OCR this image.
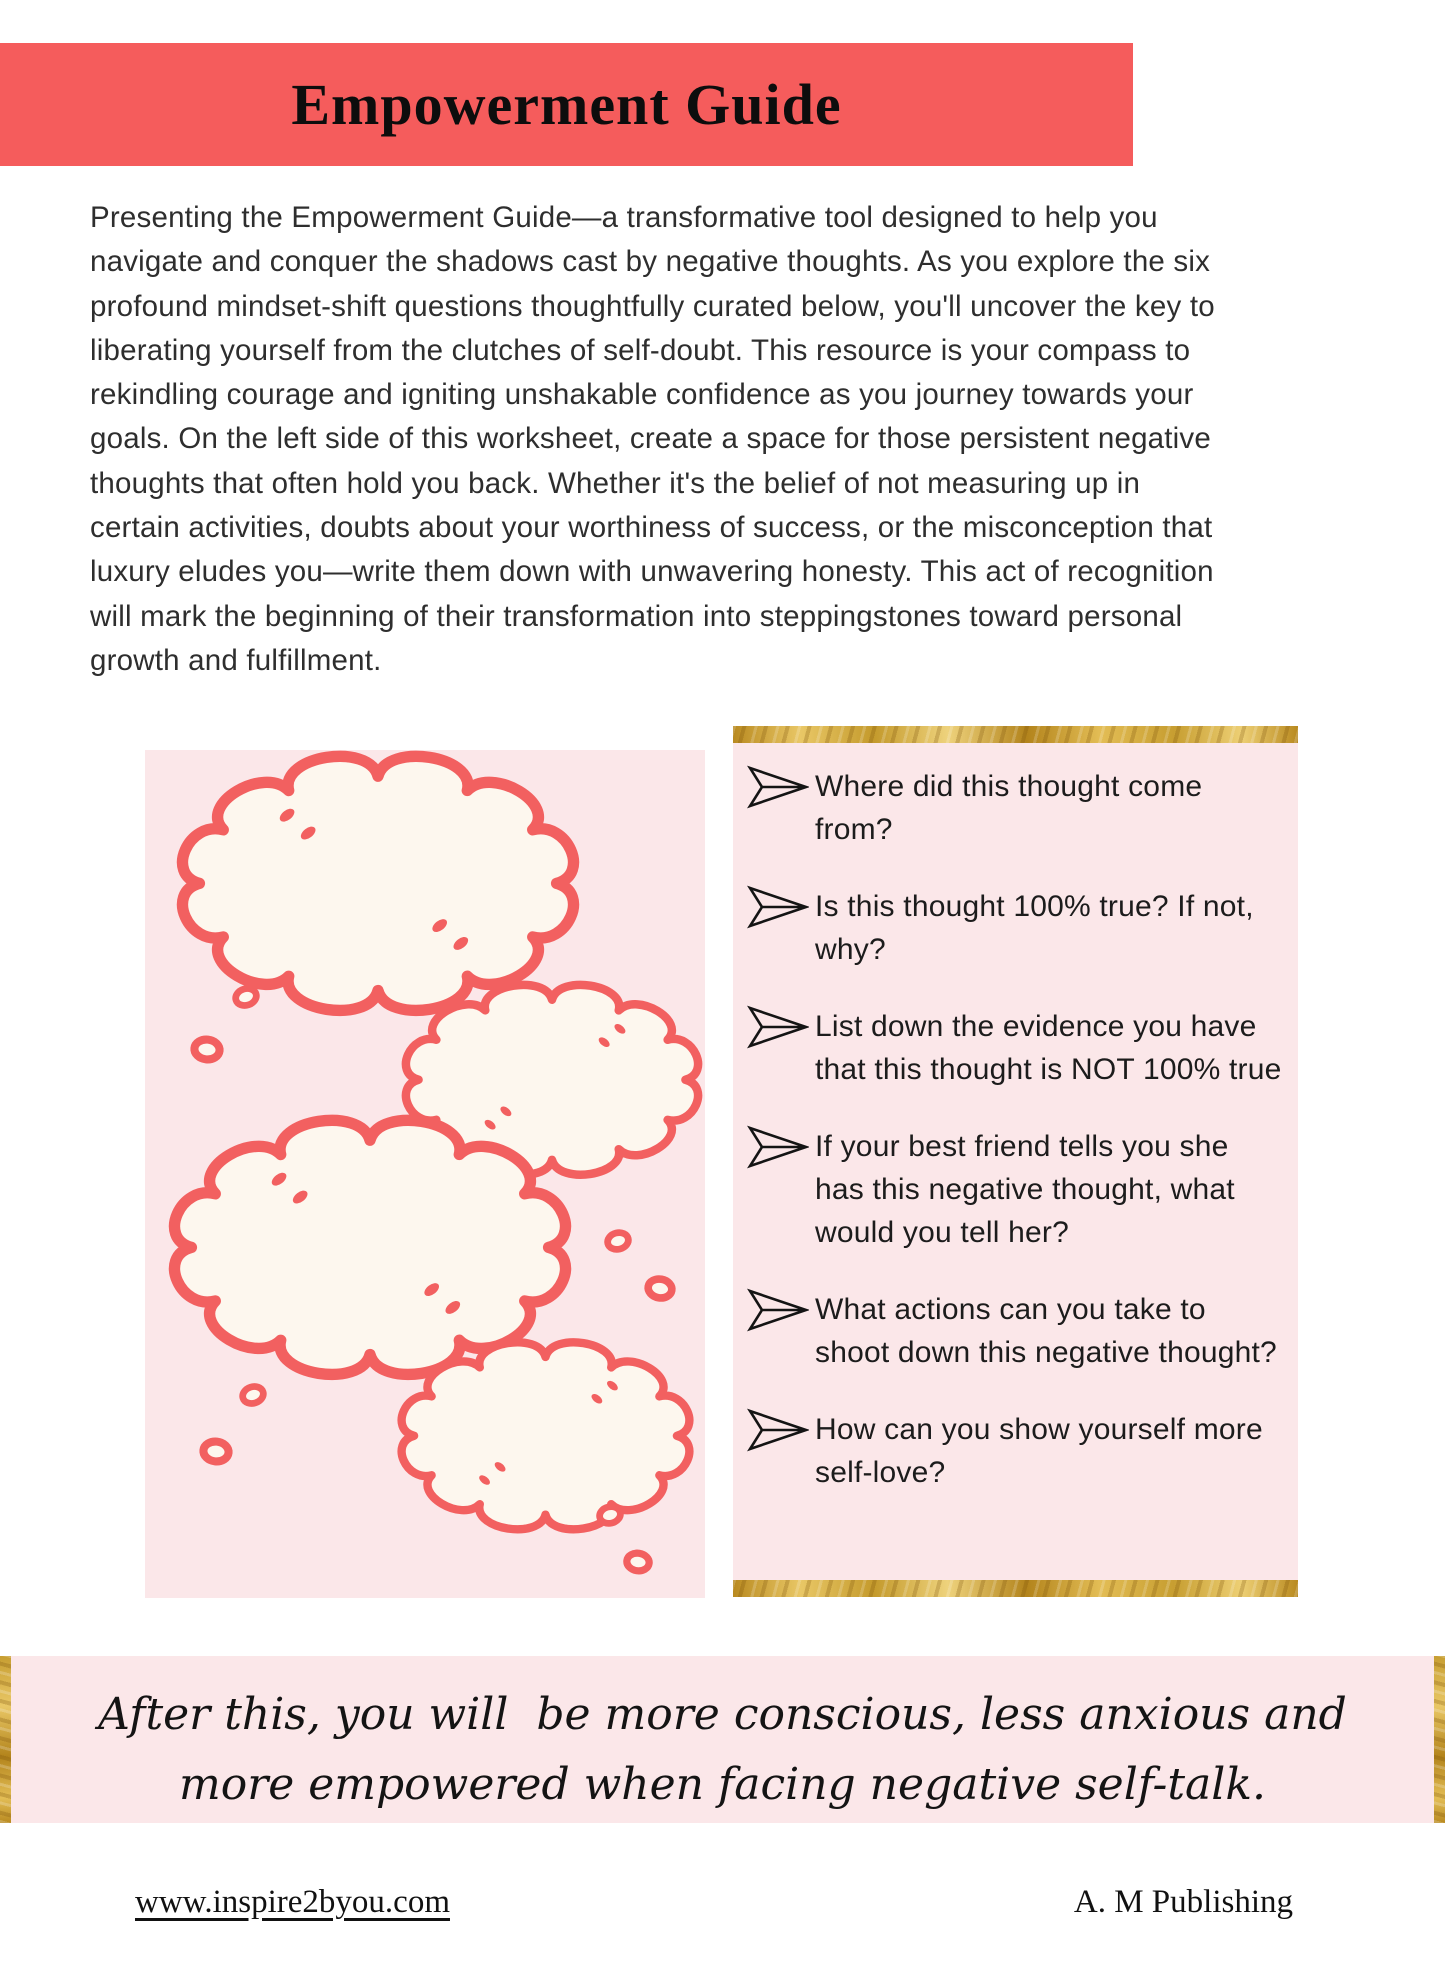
Empowerment Guide

Presenting the Empowerment Guide—a transformative tool designed to help you navigate and conquer the shadows cast by negative thoughts. As you explore the six profound mindset-shift questions thoughtfully curated below, you'll uncover the key to liberating yourself from the clutches of self-doubt. This resource is your compass to rekindling courage and igniting unshakable confidence as you journey towards your goals. On the left side of this worksheet, create a space for those persistent negative thoughts that often hold you back. Whether it's the belief of not measuring up in certain activities, doubts about your worthiness of success, or the misconception that luxury eludes you—write them down with unwavering honesty. This act of recognition will mark the beginning of their transformation into steppingstones toward personal growth and fulfillment.

Where did this thought come from?
Is this thought 100% true? If not, why?
List down the evidence you have that this thought is NOT 100% true
If your best friend tells you she has this negative thought, what would you tell her?
What actions can you take to shoot down this negative thought?
How can you show yourself more self-love?

After this, you will  be more conscious, less anxious and

more empowered when facing negative self-talk.

www.inspire2byou.com	A. M Publishing
